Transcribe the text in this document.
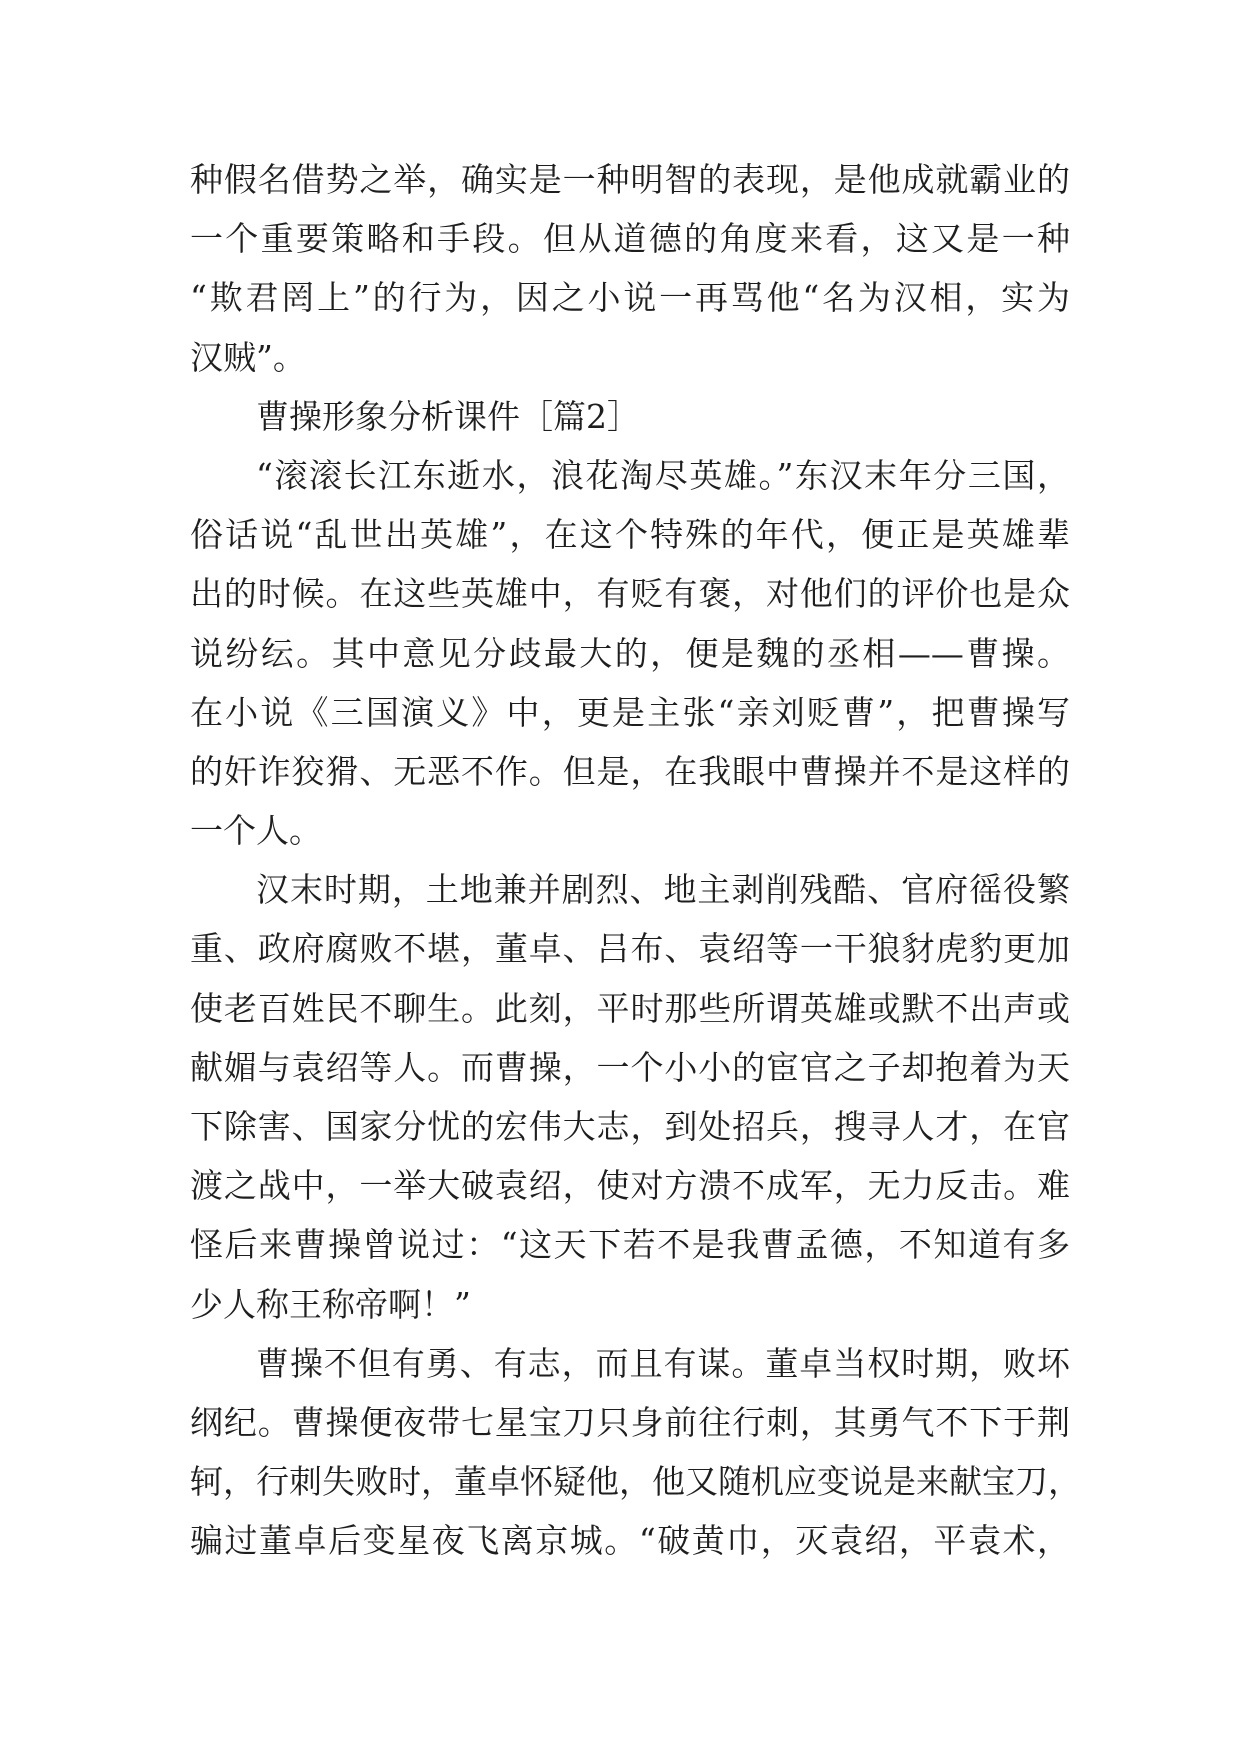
种假名借势之举，确实是一种明智的表现，是他成就霸业的
一个重要策略和手段。但从道德的角度来看，这又是一种
“欺君罔上”的行为，因之小说一再骂他“名为汉相，实为
汉贼”。
曹操形象分析课件［篇2］
“滚滚长江东逝水，浪花淘尽英雄。”东汉末年分三国，
俗话说“乱世出英雄”，在这个特殊的年代，便正是英雄辈
出的时候。在这些英雄中，有贬有褒，对他们的评价也是众
说纷纭。其中意见分歧最大的，便是魏的丞相——曹操。
在小说《三国演义》中，更是主张“亲刘贬曹”，把曹操写
的奸诈狡猾、无恶不作。但是，在我眼中曹操并不是这样的
一个人。
汉末时期，土地兼并剧烈、地主剥削残酷、官府徭役繁
重、政府腐败不堪，董卓、吕布、袁绍等一干狼豺虎豹更加
使老百姓民不聊生。此刻，平时那些所谓英雄或默不出声或
献媚与袁绍等人。而曹操，一个小小的宦官之子却抱着为天
下除害、国家分忧的宏伟大志，到处招兵，搜寻人才，在官
渡之战中，一举大破袁绍，使对方溃不成军，无力反击。难
怪后来曹操曾说过：“这天下若不是我曹孟德，不知道有多
少人称王称帝啊！”
曹操不但有勇、有志，而且有谋。董卓当权时期，败坏
纲纪。曹操便夜带七星宝刀只身前往行刺，其勇气不下于荆
轲，行刺失败时，董卓怀疑他，他又随机应变说是来献宝刀，
骗过董卓后变星夜飞离京城。“破黄巾，灭袁绍，平袁术，
